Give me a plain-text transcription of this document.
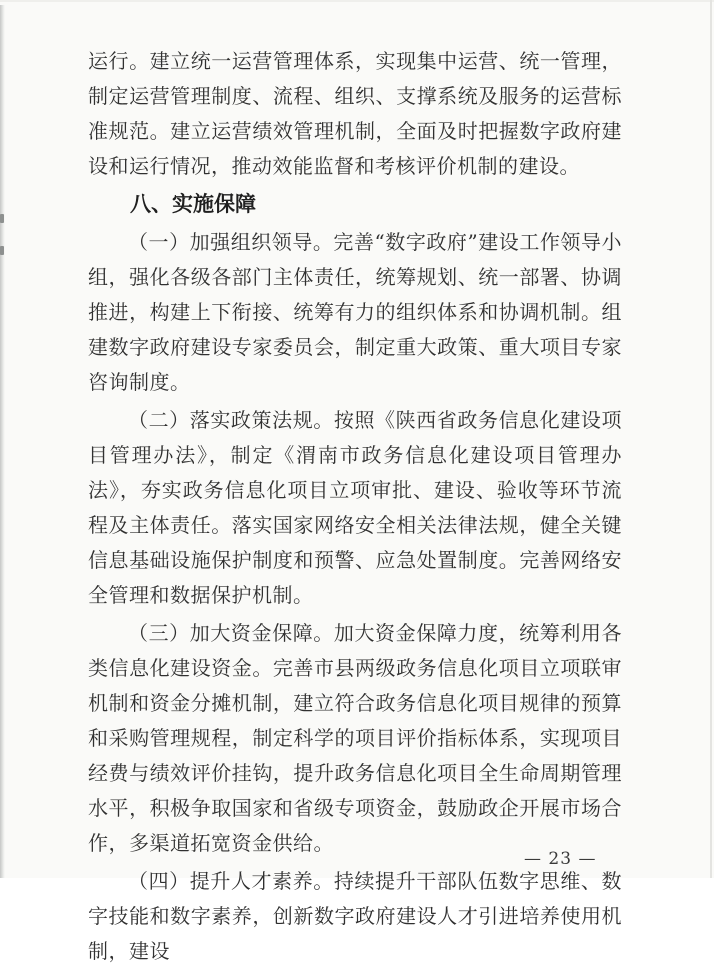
运行。建立统一运营管理体系，实现集中运营、统一管理，制定运营管理制度、流程、组织、支撑系统及服务的运营标准规范。建立运营绩效管理机制，全面及时把握数字政府建设和运行情况，推动效能监督和考核评价机制的建设。

八、实施保障

（一）加强组织领导。完善“数字政府”建设工作领导小组，强化各级各部门主体责任，统筹规划、统一部署、协调推进，构建上下衔接、统筹有力的组织体系和协调机制。组建数字政府建设专家委员会，制定重大政策、重大项目专家咨询制度。

（二）落实政策法规。按照《陕西省政务信息化建设项目管理办法》，制定《渭南市政务信息化建设项目管理办法》，夯实政务信息化项目立项审批、建设、验收等环节流程及主体责任。落实国家网络安全相关法律法规，健全关键信息基础设施保护制度和预警、应急处置制度。完善网络安全管理和数据保护机制。

（三）加大资金保障。加大资金保障力度，统筹利用各类信息化建设资金。完善市县两级政务信息化项目立项联审机制和资金分摊机制，建立符合政务信息化项目规律的预算和采购管理规程，制定科学的项目评价指标体系，实现项目经费与绩效评价挂钩，提升政务信息化项目全生命周期管理水平，积极争取国家和省级专项资金，鼓励政企开展市场合作，多渠道拓宽资金供给。

（四）提升人才素养。持续提升干部队伍数字思维、数字技能和数字素养，创新数字政府建设人才引进培养使用机制，建设

— 23 —
